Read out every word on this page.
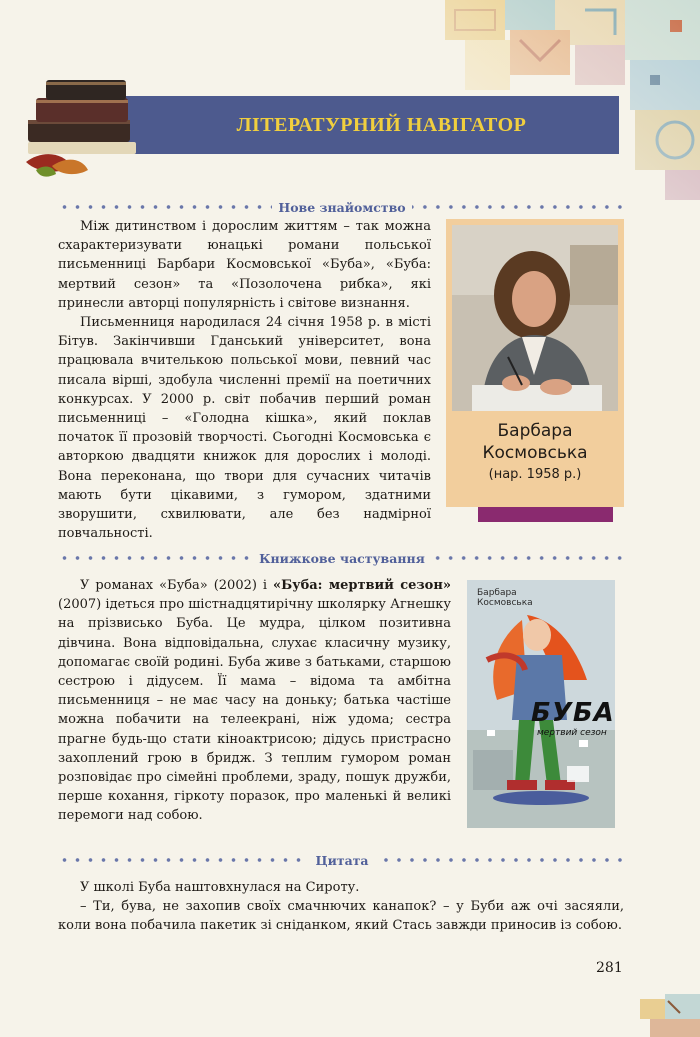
ЛІТЕРАТУРНИЙ НАВІГАТОР
Нове знайомство

Між дитинством і дорослим життям – так можна схарактеризувати юнацькі романи польської письменниці Барбари Космовської «Буба», «Буба: мертвий сезон» та «Позолочена рибка», які принесли авторці популярність і світове визнання.

Письменниця народилася 24 січня 1958 р. в місті Бітув. Закінчивши Гданський університет, вона працювала вчителькою польської мови, певний час писала вірші, здобула численні премії на поетичних конкурсах. У 2000 р. світ побачив перший роман письменниці – «Голодна кішка», який поклав початок її прозовій творчості. Сьогодні Космовська є авторкою двадцяти книжок для дорослих і молоді. Вона переконана, що твори для сучасних читачів мають бути цікавими, з гумором, здатними зворушити, схвилювати, але без надмірної повчальності.

Барбара
Космовська
(нар. 1958 р.)
Книжкове частування

У романах «Буба» (2002) і «Буба: мертвий сезон» (2007) ідеться про шістнадцятирічну школярку Агнешку на прізвисько Буба. Це мудра, цілком позитивна дівчина. Вона відповідальна, слухає класичну музику, допомагає своїй родині. Буба живе з батьками, старшою сестрою і дідусем. Її мама – відома та амбітна письменниця – не має часу на доньку; батька частіше можна побачити на телеекрані, ніж удома; сестра прагне будь-що стати кіноактрисою; дідусь пристрасно захоплений грою в бридж. З теплим гумором роман розповідає про сімейні проблеми, зраду, пошук дружби, перше кохання, гіркоту поразок, про маленькі й великі перемоги над собою.

Барбара
Космовська
БУБА
мертвий сезон
Цитата

У школі Буба наштовхнулася на Сироту.

– Ти, бува, не захопив своїх смачнючих канапок? – у Буби аж очі засяяли, коли вона побачила пакетик зі сніданком, який Стась завжди приносив із собою.

281
